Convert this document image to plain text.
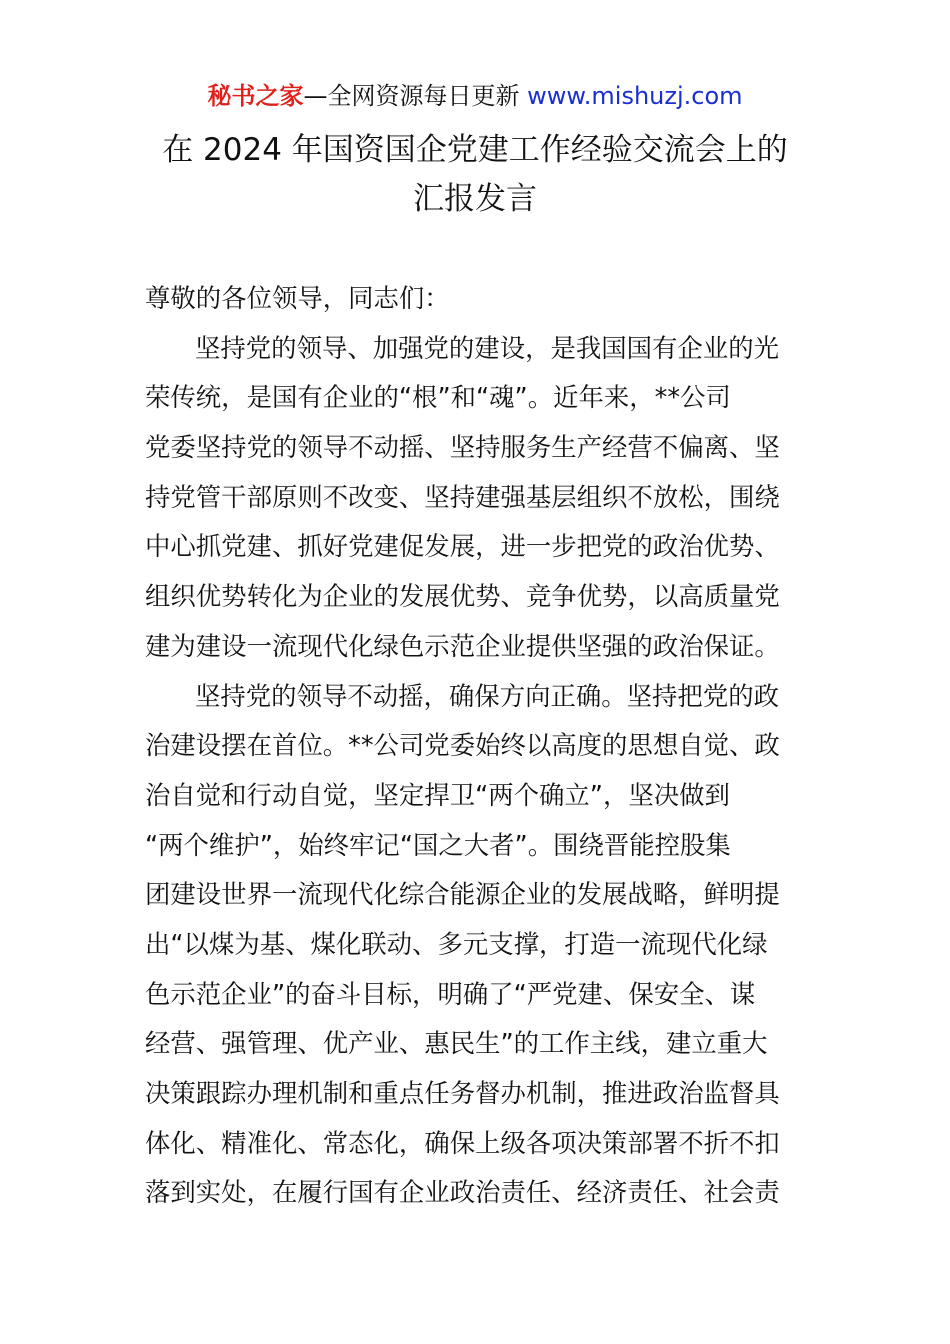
秘书之家—全网资源每日更新 www.mishuzj.com
在 2024 年国资国企党建工作经验交流会上的
汇报发言
尊敬的各位领导，同志们：
坚持党的领导、加强党的建设，是我国国有企业的光
荣传统，是国有企业的“根”和“魂”。近年来，**公司
党委坚持党的领导不动摇、坚持服务生产经营不偏离、坚
持党管干部原则不改变、坚持建强基层组织不放松，围绕
中心抓党建、抓好党建促发展，进一步把党的政治优势、
组织优势转化为企业的发展优势、竞争优势，以高质量党
建为建设一流现代化绿色示范企业提供坚强的政治保证。
坚持党的领导不动摇，确保方向正确。坚持把党的政
治建设摆在首位。**公司党委始终以高度的思想自觉、政
治自觉和行动自觉，坚定捍卫“两个确立”，坚决做到
“两个维护”，始终牢记“国之大者”。围绕晋能控股集
团建设世界一流现代化综合能源企业的发展战略，鲜明提
出“以煤为基、煤化联动、多元支撑，打造一流现代化绿
色示范企业”的奋斗目标，明确了“严党建、保安全、谋
经营、强管理、优产业、惠民生”的工作主线，建立重大
决策跟踪办理机制和重点任务督办机制，推进政治监督具
体化、精准化、常态化，确保上级各项决策部署不折不扣
落到实处，在履行国有企业政治责任、经济责任、社会责
